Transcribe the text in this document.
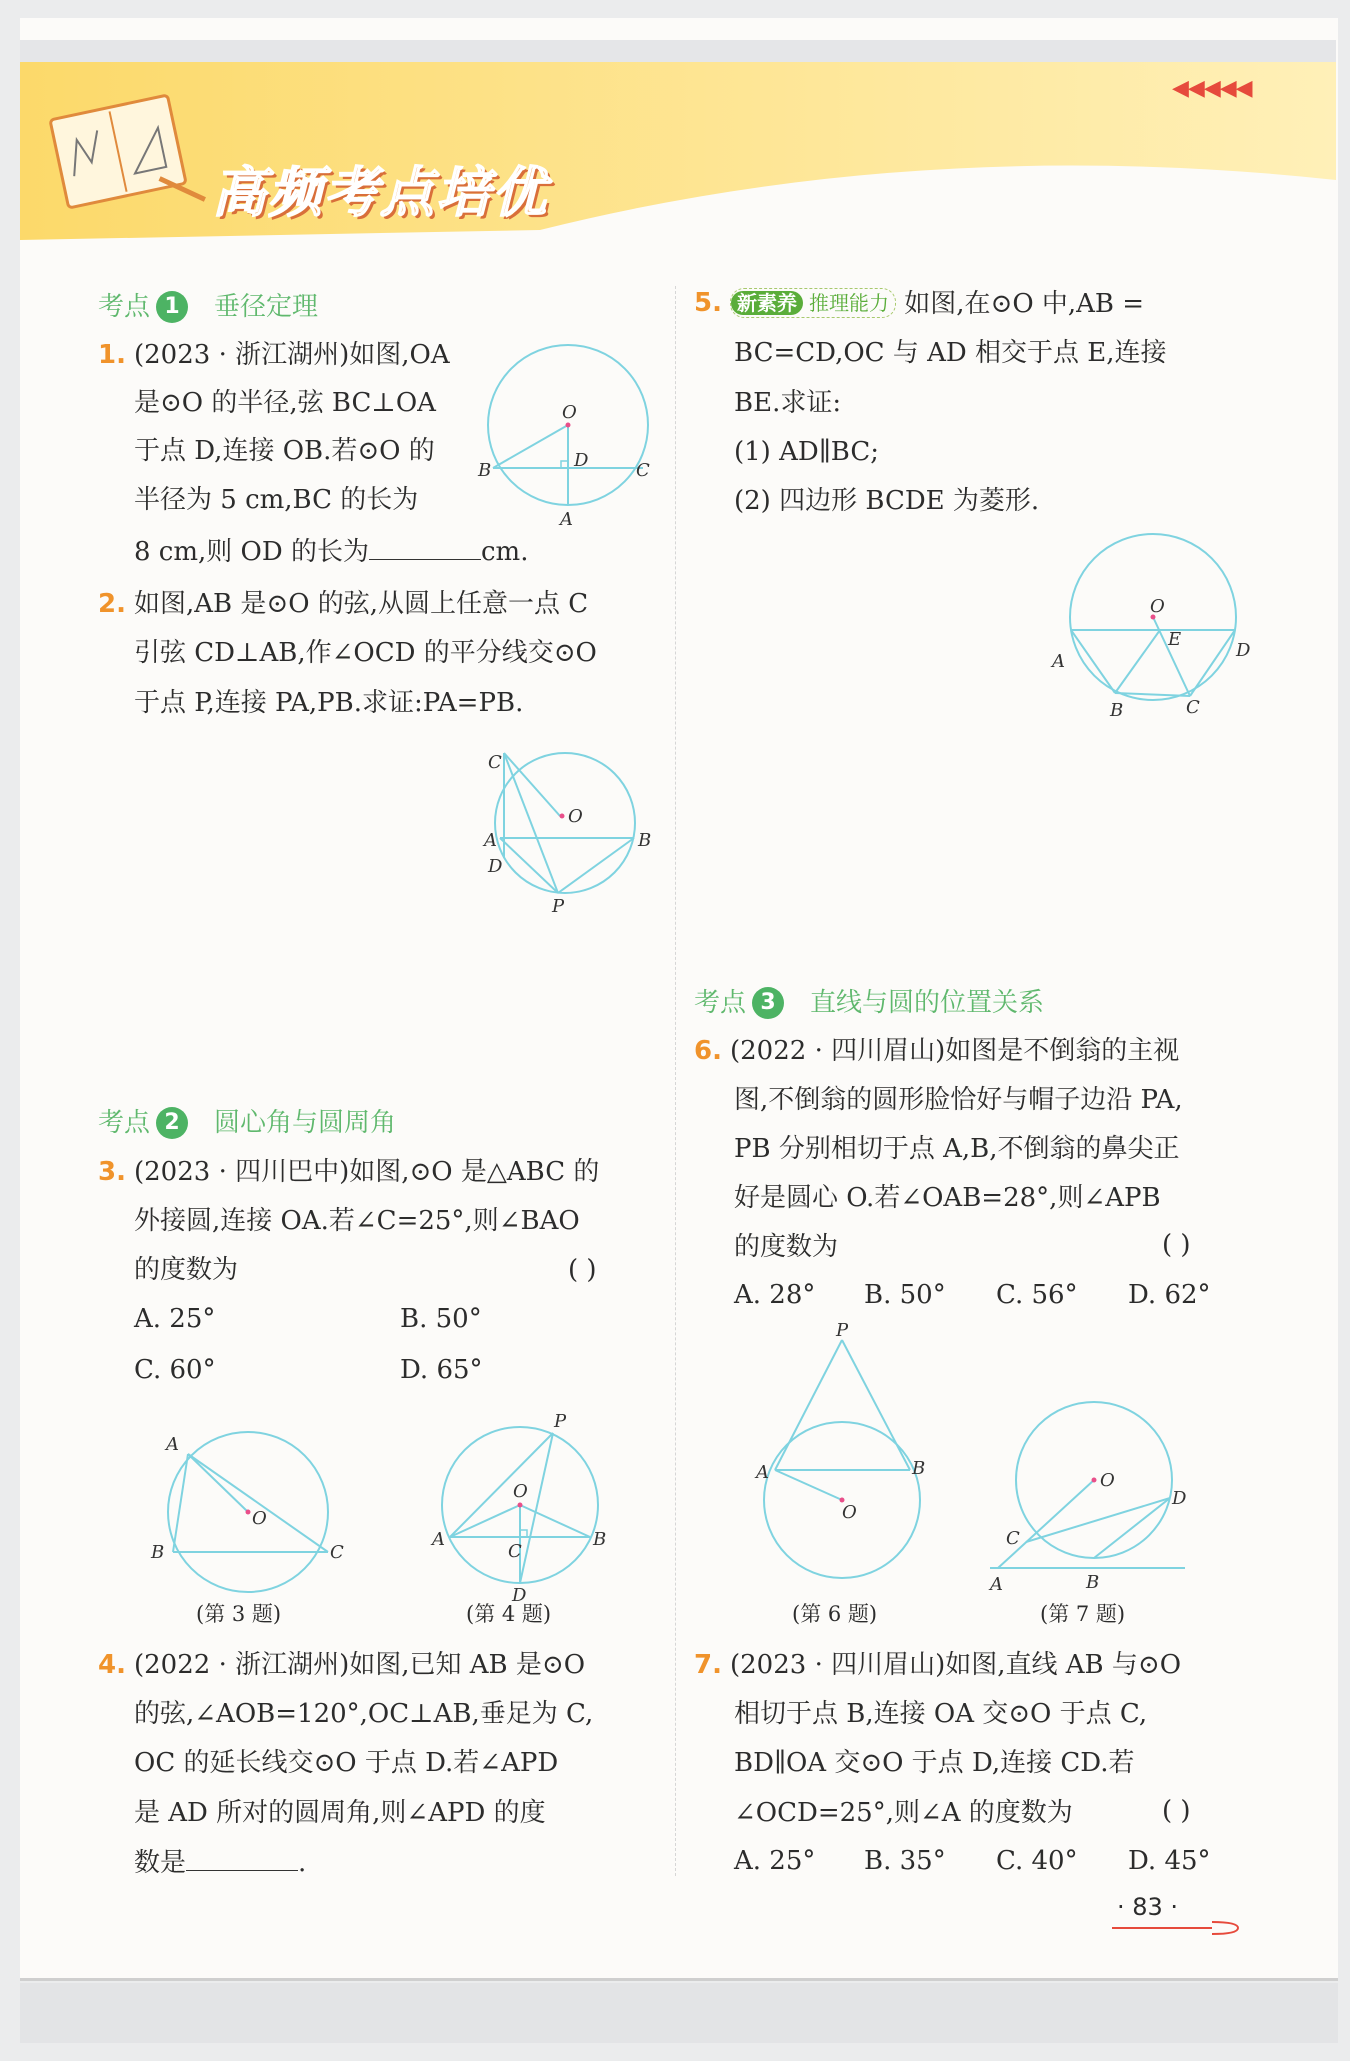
高频考点培优
◀◀◀◀◀
考点 1 垂径定理
1. (2023 · 浙江湖州)如图,OA
是⊙O 的半径,弦 BC⊥OA
于点 D,连接 OB.若⊙O 的
半径为 5 cm,BC 的长为
8 cm,则 OD 的长为	cm.
O
B	D	C
A
2. 如图,AB 是⊙O 的弦,从圆上任意一点 C
引弦 CD⊥AB,作∠OCD 的平分线交⊙O
于点 P,连接 PA,PB.求证:PA=PB.
C
O
A	B
D
P
考点 2 圆心角与圆周角
3. (2023 · 四川巴中)如图,⊙O 是△ABC 的
外接圆,连接 OA.若∠C=25°,则∠BAO
的度数为	( )
A. 25°	B. 50°
C. 60°	D. 65°
A
O
B	C
(第 3 题)
P
O
A
C
B
D
(第 4 题)
4. (2022 · 浙江湖州)如图,已知 AB 是⊙O
的弦,∠AOB=120°,OC⊥AB,垂足为 C,
OC 的延长线交⊙O 于点 D.若∠APD
是 AD 所对的圆周角,则∠APD 的度
数是	.
5. 新素养 推理能力 如图,在⊙O 中,AB =
BC=CD,OC 与 AD 相交于点 E,连接
BE.求证:
(1) AD∥BC;
(2) 四边形 BCDE 为菱形.
O
E
A
D
B	C
考点 3 直线与圆的位置关系
6. (2022 · 四川眉山)如图是不倒翁的主视
图,不倒翁的圆形脸恰好与帽子边沿 PA,
PB 分别相切于点 A,B,不倒翁的鼻尖正
好是圆心 O.若∠OAB=28°,则∠APB
的度数为	( )
A. 28° B. 50° C. 56° D. 62°
P
A	B
O
(第 6 题)
O
D
C
A	B
(第 7 题)
7. (2023 · 四川眉山)如图,直线 AB 与⊙O
相切于点 B,连接 OA 交⊙O 于点 C,
BD∥OA 交⊙O 于点 D,连接 CD.若
∠OCD=25°,则∠A 的度数为	( )
A. 25° B. 35° C. 40° D. 45°
· 83 ·
